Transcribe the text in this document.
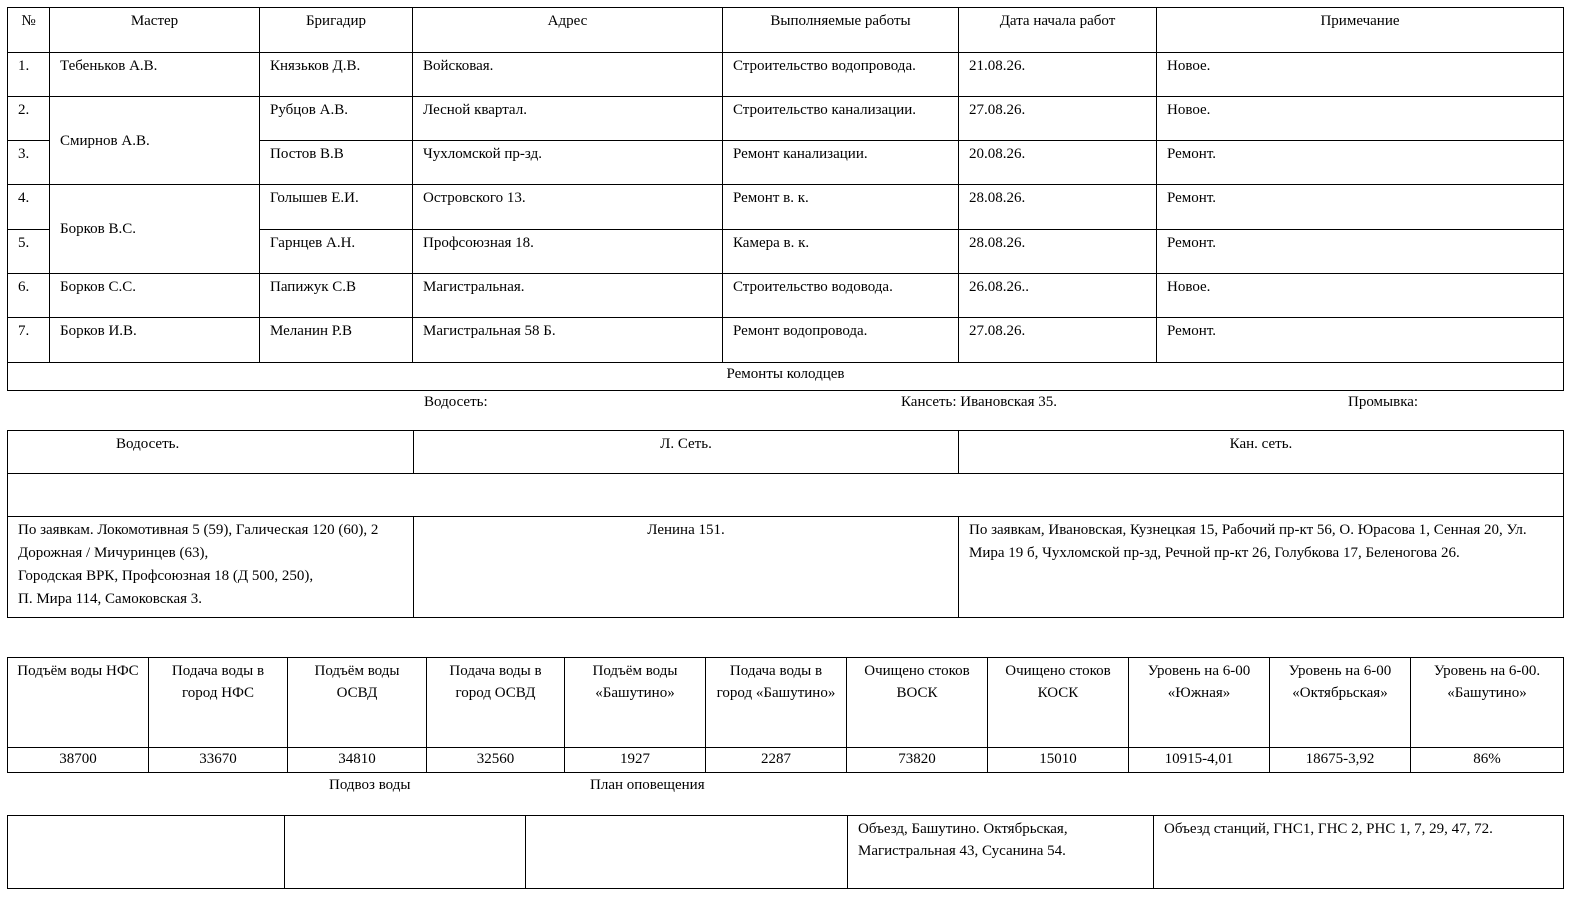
№	Мастер	Бригадир	Адрес	Выполняемые работы	Дата начала работ	Примечание
1.	Тебеньков А.В.	Князьков Д.В.	Войсковая.	Строительство водопровода.	21.08.26.	Новое.
2.	Смирнов А.В.	Рубцов А.В.	Лесной квартал.	Строительство канализации.	27.08.26.	Новое.
3.		Постов В.В	Чухломской пр-зд.	Ремонт канализации.	20.08.26.	Ремонт.
4.	Борков В.С.	Голышев Е.И.	Островского 13.	Ремонт в. к.	28.08.26.	Ремонт.
5.		Гарнцев А.Н.	Профсоюзная 18.	Камера в. к.	28.08.26.	Ремонт.
6.	Борков С.С.	Папижук С.В	Магистральная.	Строительство водовода.	26.08.26..	Новое.
7.	Борков И.В.	Меланин Р.В	Магистральная 58 Б.	Ремонт водопровода.	27.08.26.	Ремонт.
Ремонты колодцев						
Водосеть:	Кансеть: Ивановская 35.	Промывка:
Водосеть.	Л. Сеть.	Кан. сеть.

По заявкам. Локомотивная 5 (59), Галическая 120 (60), 2 Дорожная / Мичуринцев (63),
Городская ВРК, Профсоюзная 18 (Д 500, 250),
П. Мира 114, Самоковская 3.	Ленина 151.	По заявкам, Ивановская, Кузнецкая 15, Рабочий пр-кт 56, О. Юрасова 1, Сенная 20, Ул. Мира 19 б, Чухломской пр-зд, Речной пр-кт 26, Голубкова 17, Беленогова 26.
Подъём воды НФС	Подача воды в город НФС	Подъём воды ОСВД	Подача воды в город ОСВД	Подъём воды «Башутино»	Подача воды в город «Башутино»	Очищено стоков ВОСК	Очищено стоков КОСК	Уровень на 6-00 «Южная»	Уровень на 6-00 «Октябрьская»	Уровень на 6-00. «Башутино»
38700	33670	34810	32560	1927	2287	73820	15010	10915-4,01	18675-3,92	86%
Подвоз воды	План оповещения
			Объезд, Башутино. Октябрьская, Магистральная 43, Сусанина 54.	Объезд станций, ГНС1, ГНС 2, РНС 1, 7, 29, 47, 72.
